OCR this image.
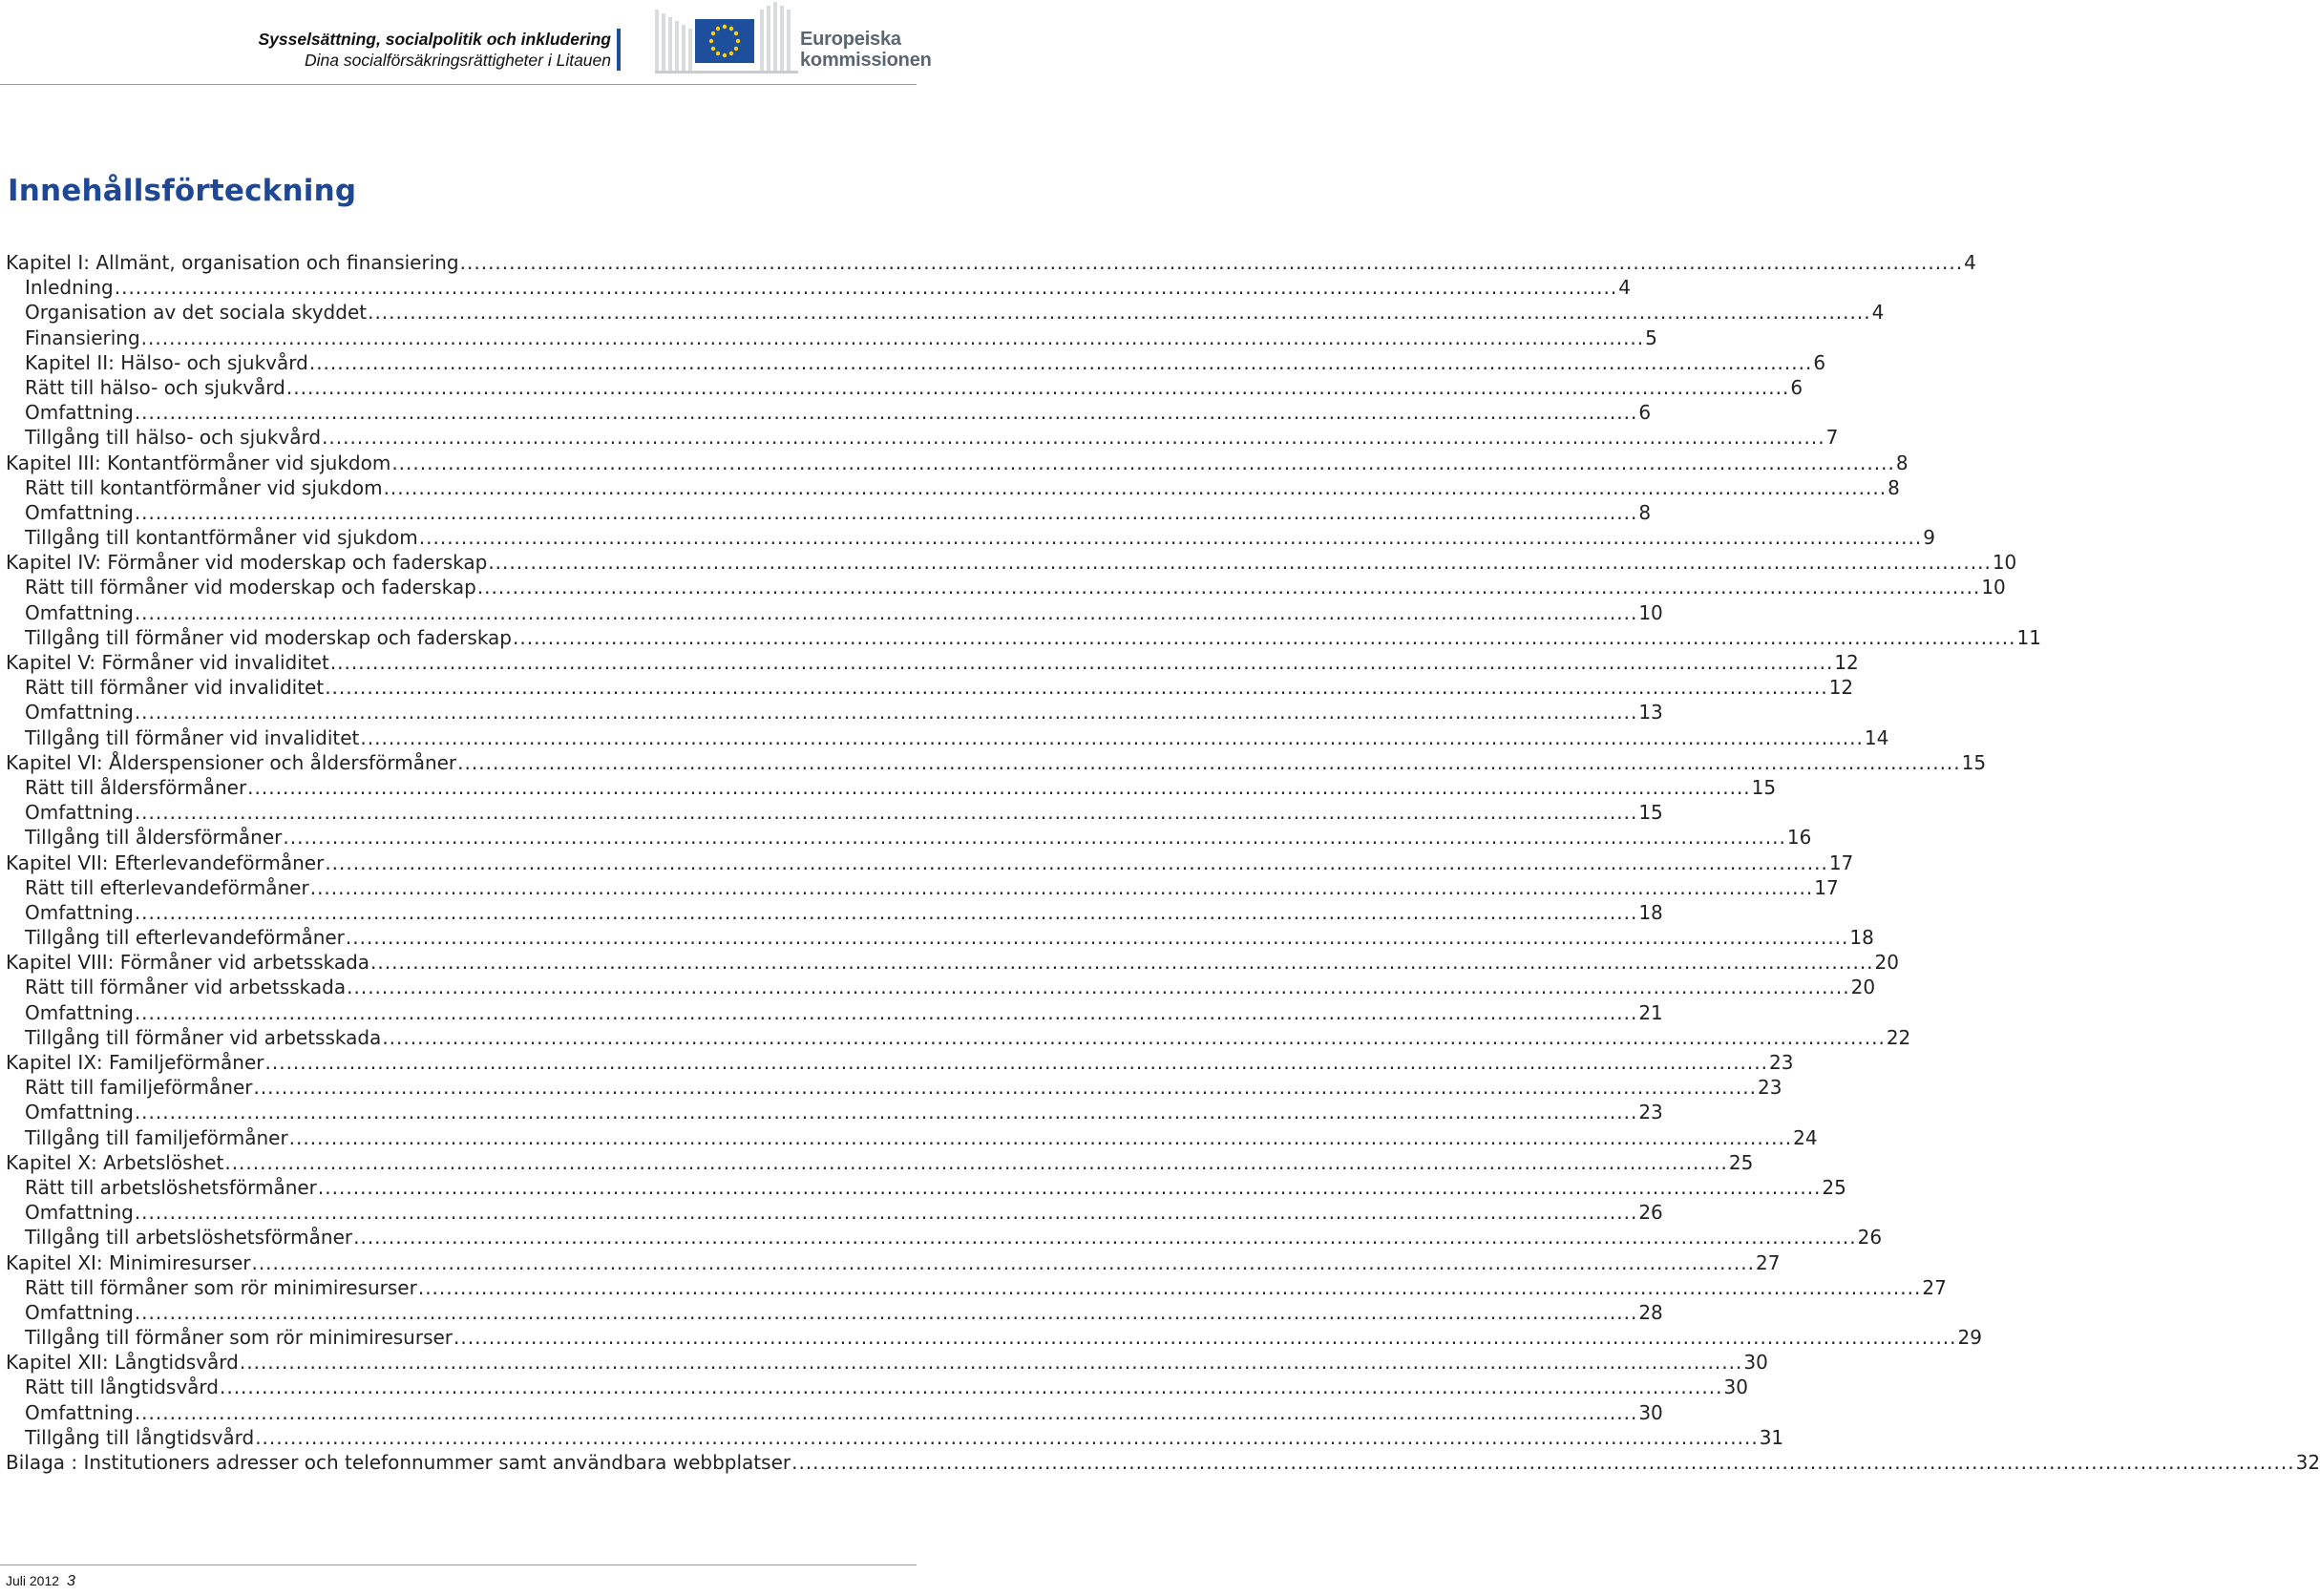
Sysselsättning, socialpolitik och inkludering
Dina socialförsäkringsrättigheter i Litauen
Europeiska
kommissionen
Innehållsförteckning
Kapitel I: Allmänt, organisation och finansiering .....	4
Inledning .....	4
Organisation av det sociala skyddet .....	4
Finansiering .....	5
Kapitel II: Hälso- och sjukvård .....	6
Rätt till hälso- och sjukvård .....	6
Omfattning .....	6
Tillgång till hälso- och sjukvård .....	7
Kapitel III: Kontantförmåner vid sjukdom .....	8
Rätt till kontantförmåner vid sjukdom .....	8
Omfattning .....	8
Tillgång till kontantförmåner vid sjukdom .....	9
Kapitel IV: Förmåner vid moderskap och faderskap .....	10
Rätt till förmåner vid moderskap och faderskap .....	10
Omfattning .....	10
Tillgång till förmåner vid moderskap och faderskap .....	11
Kapitel V: Förmåner vid invaliditet .....	12
Rätt till förmåner vid invaliditet .....	12
Omfattning .....	13
Tillgång till förmåner vid invaliditet .....	14
Kapitel VI: Ålderspensioner och åldersförmåner .....	15
Rätt till åldersförmåner .....	15
Omfattning .....	15
Tillgång till åldersförmåner .....	16
Kapitel VII: Efterlevandeförmåner .....	17
Rätt till efterlevandeförmåner .....	17
Omfattning .....	18
Tillgång till efterlevandeförmåner .....	18
Kapitel VIII: Förmåner vid arbetsskada .....	20
Rätt till förmåner vid arbetsskada .....	20
Omfattning .....	21
Tillgång till förmåner vid arbetsskada .....	22
Kapitel IX: Familjeförmåner .....	23
Rätt till familjeförmåner .....	23
Omfattning .....	23
Tillgång till familjeförmåner .....	24
Kapitel X: Arbetslöshet .....	25
Rätt till arbetslöshetsförmåner .....	25
Omfattning .....	26
Tillgång till arbetslöshetsförmåner .....	26
Kapitel XI: Minimiresurser .....	27
Rätt till förmåner som rör minimiresurser .....	27
Omfattning .....	28
Tillgång till förmåner som rör minimiresurser .....	29
Kapitel XII: Långtidsvård .....	30
Rätt till långtidsvård .....	30
Omfattning .....	30
Tillgång till långtidsvård .....	31
Bilaga : Institutioners adresser och telefonnummer samt användbara webbplatser .....	32
Juli 2012 3
